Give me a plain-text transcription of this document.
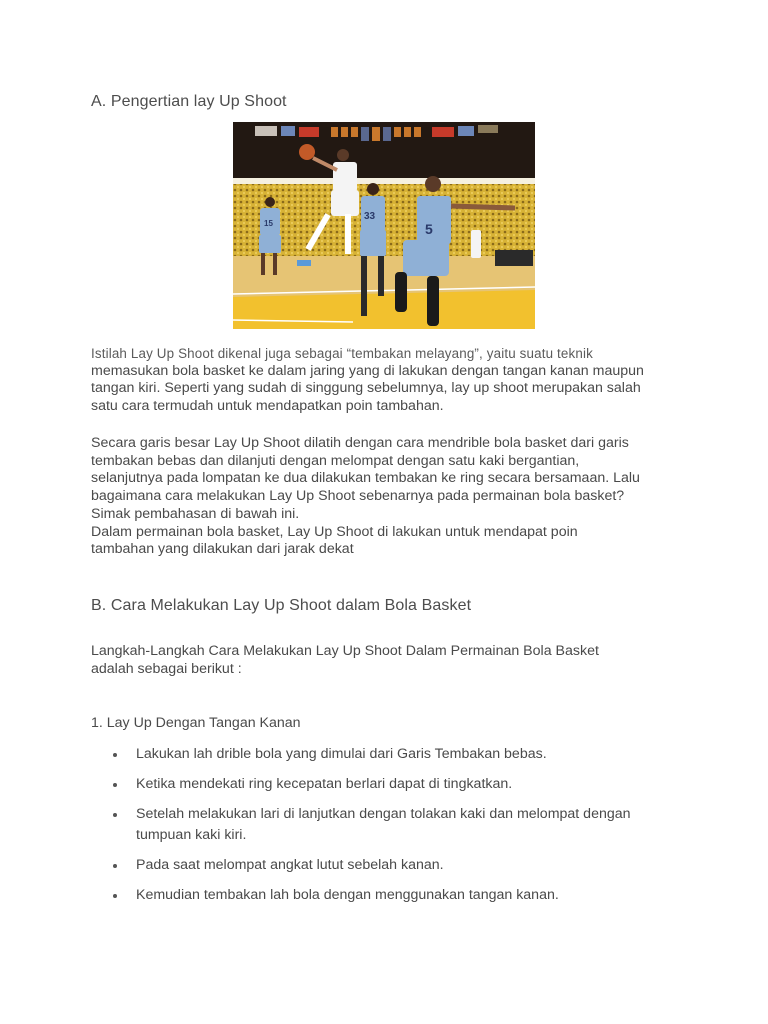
A. Pengertian lay Up Shoot
15
33
5

Istilah Lay Up Shoot dikenal juga sebagai “tembakan melayang”, yaitu suatu teknik
memasukan bola basket ke dalam jaring yang di lakukan dengan tangan kanan maupun
tangan kiri. Seperti yang sudah di singgung sebelumnya, lay up shoot merupakan salah
satu cara termudah untuk mendapatkan poin tambahan.

Secara garis besar Lay Up Shoot dilatih dengan cara mendrible bola basket dari garis
tembakan bebas dan dilanjuti dengan melompat dengan satu kaki bergantian,
selanjutnya pada lompatan ke dua dilakukan tembakan ke ring secara bersamaan. Lalu
bagaimana cara melakukan Lay Up Shoot sebenarnya pada permainan bola basket?
Simak pembahasan di bawah ini.
Dalam permainan bola basket, Lay Up Shoot di lakukan untuk mendapat poin
tambahan yang dilakukan dari jarak dekat

B. Cara Melakukan Lay Up Shoot dalam Bola Basket

Langkah-Langkah Cara Melakukan Lay Up Shoot Dalam Permainan Bola Basket
adalah sebagai berikut :

1. Lay Up Dengan Tangan Kanan

Lakukan lah drible bola yang dimulai dari Garis Tembakan bebas.
Ketika mendekati ring kecepatan berlari dapat di tingkatkan.
Setelah melakukan lari di lanjutkan dengan tolakan kaki dan melompat dengan
tumpuan kaki kiri.
Pada saat melompat angkat lutut sebelah kanan.
Kemudian tembakan lah bola dengan menggunakan tangan kanan.
